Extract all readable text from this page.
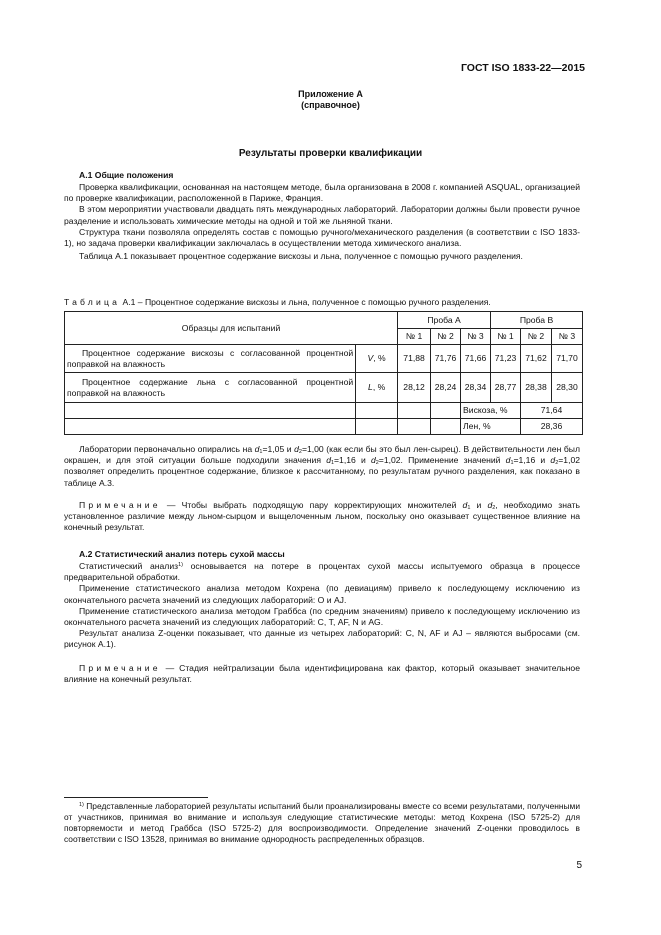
ГОСТ ISO 1833-22—2015
Приложение А
(справочное)
Результаты проверки квалификации
А.1 Общие положения

Проверка квалификации, основанная на настоящем методе, была организована в 2008 г. компанией ASQUAL, организацией по проверке квалификации, расположенной в Париже, Франция.

В этом мероприятии участвовали двадцать пять международных лабораторий. Лаборатории должны были провести ручное разделение и использовать химические методы на одной и той же льняной ткани.

Структура ткани позволяла определять состав с помощью ручного/механического разделения (в соответствии с ISO 1833-1), но задача проверки квалификации заключалась в осуществлении метода химического анализа.

Таблица А.1 показывает процентное содержание вискозы и льна, полученное с помощью ручного разделения.

Таблица А.1 – Процентное содержание вискозы и льна, полученное с помощью ручного разделения.
Образцы для испытаний		Проба А			Проба В		
		№ 1	№ 2	№ 3	№ 1	№ 2	№ 3
Процентное содержание вискозы с согласованной процентной поправкой на влажность	V, %	71,88	71,76	71,66	71,23	71,62	71,70
Процентное содержание льна с согласованной процентной поправкой на влажность	L, %	28,12	28,24	28,34	28,77	28,38	28,30
				Вискоза, %		71,64	
				Лен, %		28,36	

Лаборатории первоначально опирались на $d_1=1,05$ и $d_2=1,00$ (как если бы это был лен-сырец). В действительности лен был окрашен, и для этой ситуации больше подходили значения $d_1=1,16$ и $d_2=1,02$. Применение значений $d_1=1,16$ и $d_2=1,02$ позволяет определить процентное содержание, близкое к рассчитанному, по результатам ручного разделения, как показано в таблице А.3.

Примечание — Чтобы выбрать подходящую пару корректирующих множителей $d_1$ и $d_2$, необходимо знать установленное различие между льном-сырцом и выщелоченным льном, поскольку оно оказывает существенное влияние на конечный результат.

А.2 Статистический анализ потерь сухой массы

Статистический анализ$^{1)}$ основывается на потере в процентах сухой массы испытуемого образца в процессе предварительной обработки.

Применение статистического анализа методом Кохрена (по девиациям) привело к последующему исключению из окончательного расчета значений из следующих лабораторий: О и AJ.

Применение статистического анализа методом Граббса (по средним значениям) привело к последующему исключению из окончательного расчета значений из следующих лабораторий: С, Т, AF, N и AG.

Результат анализа Z-оценки показывает, что данные из четырех лабораторий: С, N, AF и AJ – являются выбросами (см. рисунок А.1).

Примечание — Стадия нейтрализации была идентифицирована как фактор, который оказывает значительное влияние на конечный результат.

$^{1)}$ Представленные лабораторией результаты испытаний были проанализированы вместе со всеми результатами, полученными от участников, принимая во внимание и используя следующие статистические методы: метод Кохрена (ISO 5725-2) для повторяемости и метод Граббса (ISO 5725-2) для воспроизводимости. Определение значений Z-оценки проводилось в соответствии с ISO 13528, принимая во внимание однородность распределенных образцов.

5
